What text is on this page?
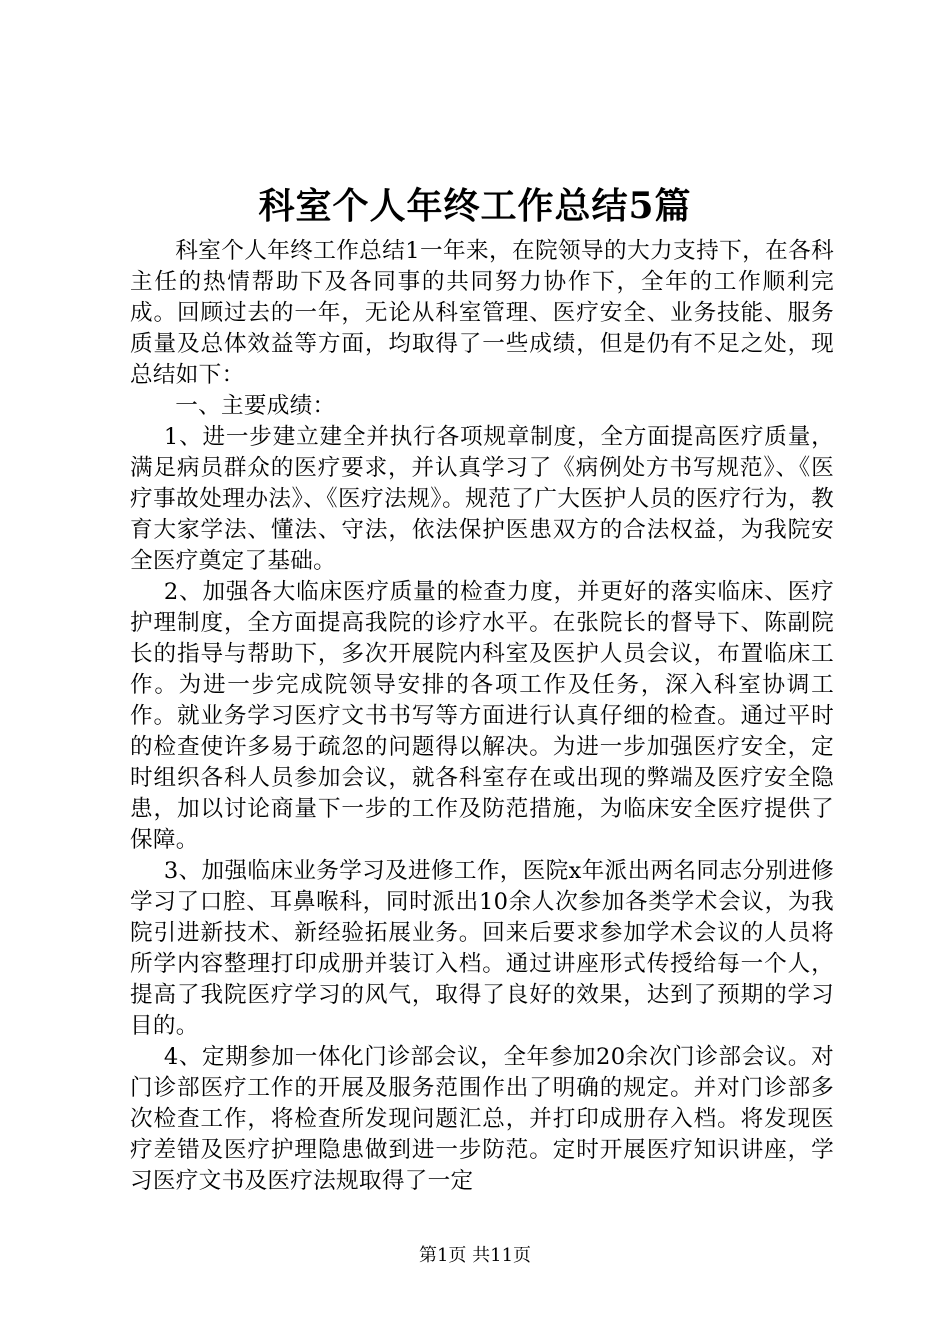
科室个人年终工作总结5篇

科室个人年终工作总结1一年来，在院领导的大力支持下，在各科主任的热情帮助下及各同事的共同努力协作下，全年的工作顺利完成。回顾过去的一年，无论从科室管理、医疗安全、业务技能、服务质量及总体效益等方面，均取得了一些成绩，但是仍有不足之处，现总结如下：

一、主要成绩：

1、进一步建立建全并执行各项规章制度，全方面提高医疗质量，满足病员群众的医疗要求，并认真学习了《病例处方书写规范》、《医疗事故处理办法》、《医疗法规》。规范了广大医护人员的医疗行为，教育大家学法、懂法、守法，依法保护医患双方的合法权益，为我院安全医疗奠定了基础。

2、加强各大临床医疗质量的检查力度，并更好的落实临床、医疗护理制度，全方面提高我院的诊疗水平。在张院长的督导下、陈副院长的指导与帮助下，多次开展院内科室及医护人员会议，布置临床工作。为进一步完成院领导安排的各项工作及任务，深入科室协调工作。就业务学习医疗文书书写等方面进行认真仔细的检查。通过平时的检查使许多易于疏忽的问题得以解决。为进一步加强医疗安全，定时组织各科人员参加会议，就各科室存在或出现的弊端及医疗安全隐患，加以讨论商量下一步的工作及防范措施，为临床安全医疗提供了保障。

3、加强临床业务学习及进修工作，医院x年派出两名同志分别进修学习了口腔、耳鼻喉科，同时派出10余人次参加各类学术会议，为我院引进新技术、新经验拓展业务。回来后要求参加学术会议的人员将所学内容整理打印成册并装订入档。通过讲座形式传授给每一个人，提高了我院医疗学习的风气，取得了良好的效果，达到了预期的学习目的。

4、定期参加一体化门诊部会议，全年参加20余次门诊部会议。对门诊部医疗工作的开展及服务范围作出了明确的规定。并对门诊部多次检查工作，将检查所发现问题汇总，并打印成册存入档。将发现医疗差错及医疗护理隐患做到进一步防范。定时开展医疗知识讲座，学习医疗文书及医疗法规取得了一定

第1页 共11页
